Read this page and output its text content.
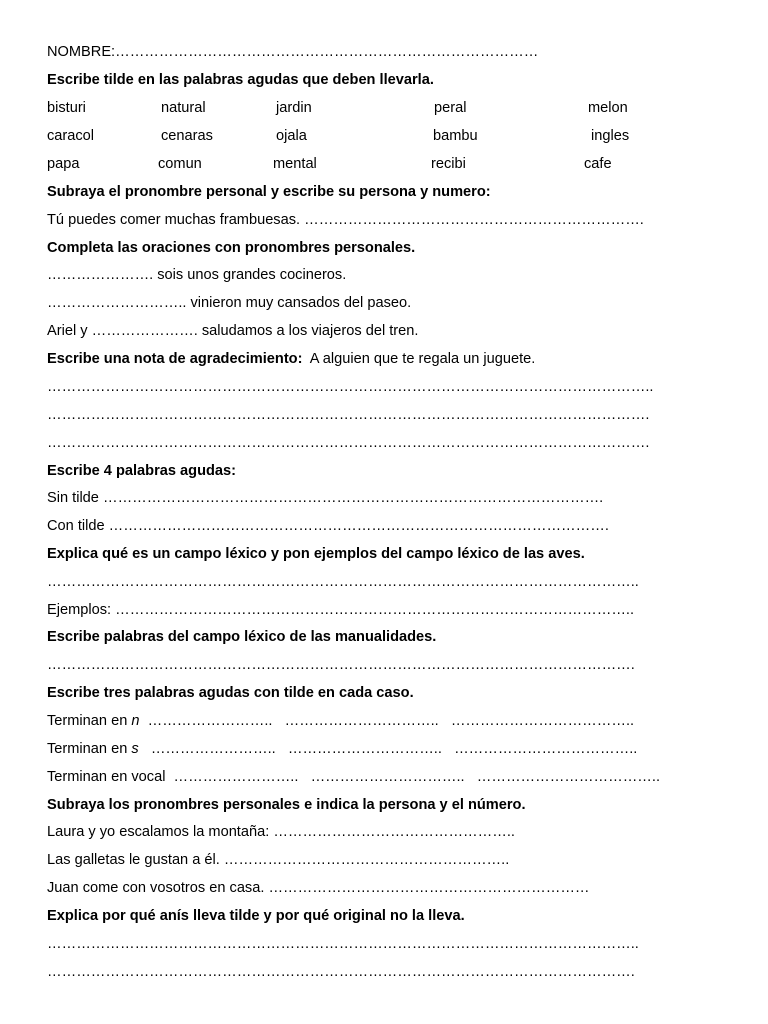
NOMBRE:……………………………………………………………………………
Escribe tilde en las palabras agudas que deben llevarla.
bisturi	natural	jardin	peral	melon
caracol	cenaras	ojala	bambu	ingles
papa	comun	mental	recibi	cafe
Subraya el pronombre personal y escribe su persona y numero:
Tú puedes comer muchas frambuesas. …………………………………………………………….
Completa las oraciones con pronombres personales.
…………………. sois unos grandes cocineros.
……………………….. vinieron muy cansados del paseo.
Ariel y …………………. saludamos a los viajeros del tren.
Escribe una nota de agradecimiento:  A alguien que te regala un juguete.
……………………………………………………………………………………………………………..
…………………………………………………………………………………………………………….
…………………………………………………………………………………………………………….
Escribe 4 palabras agudas:
Sin tilde ………………………………………………………………………………………….
Con tilde ………………………………………………………………………………………….
Explica qué es un campo léxico y pon ejemplos del campo léxico de las aves.
…………………………………………………………………………………………………………..
Ejemplos: ……………………………………………………………………………………………..
Escribe palabras del campo léxico de las manualidades.
………………………………………………………………………………………………………….
Escribe tres palabras agudas con tilde en cada caso.
Terminan en n  ……………………..   …………………………..   ………………………………..
Terminan en s   ……………………..   …………………………..   ………………………………..
Terminan en vocal  ……………………..   …………………………..   ………………………………..
Subraya los pronombres personales e indica la persona y el número.
Laura y yo escalamos la montaña: …………………………………………..
Las galletas le gustan a él. …………………………………………………..
Juan come con vosotros en casa. …………………………………………………………
Explica por qué anís lleva tilde y por qué original no la lleva.
…………………………………………………………………………………………………………..
………………………………………………………………………………………………………….
